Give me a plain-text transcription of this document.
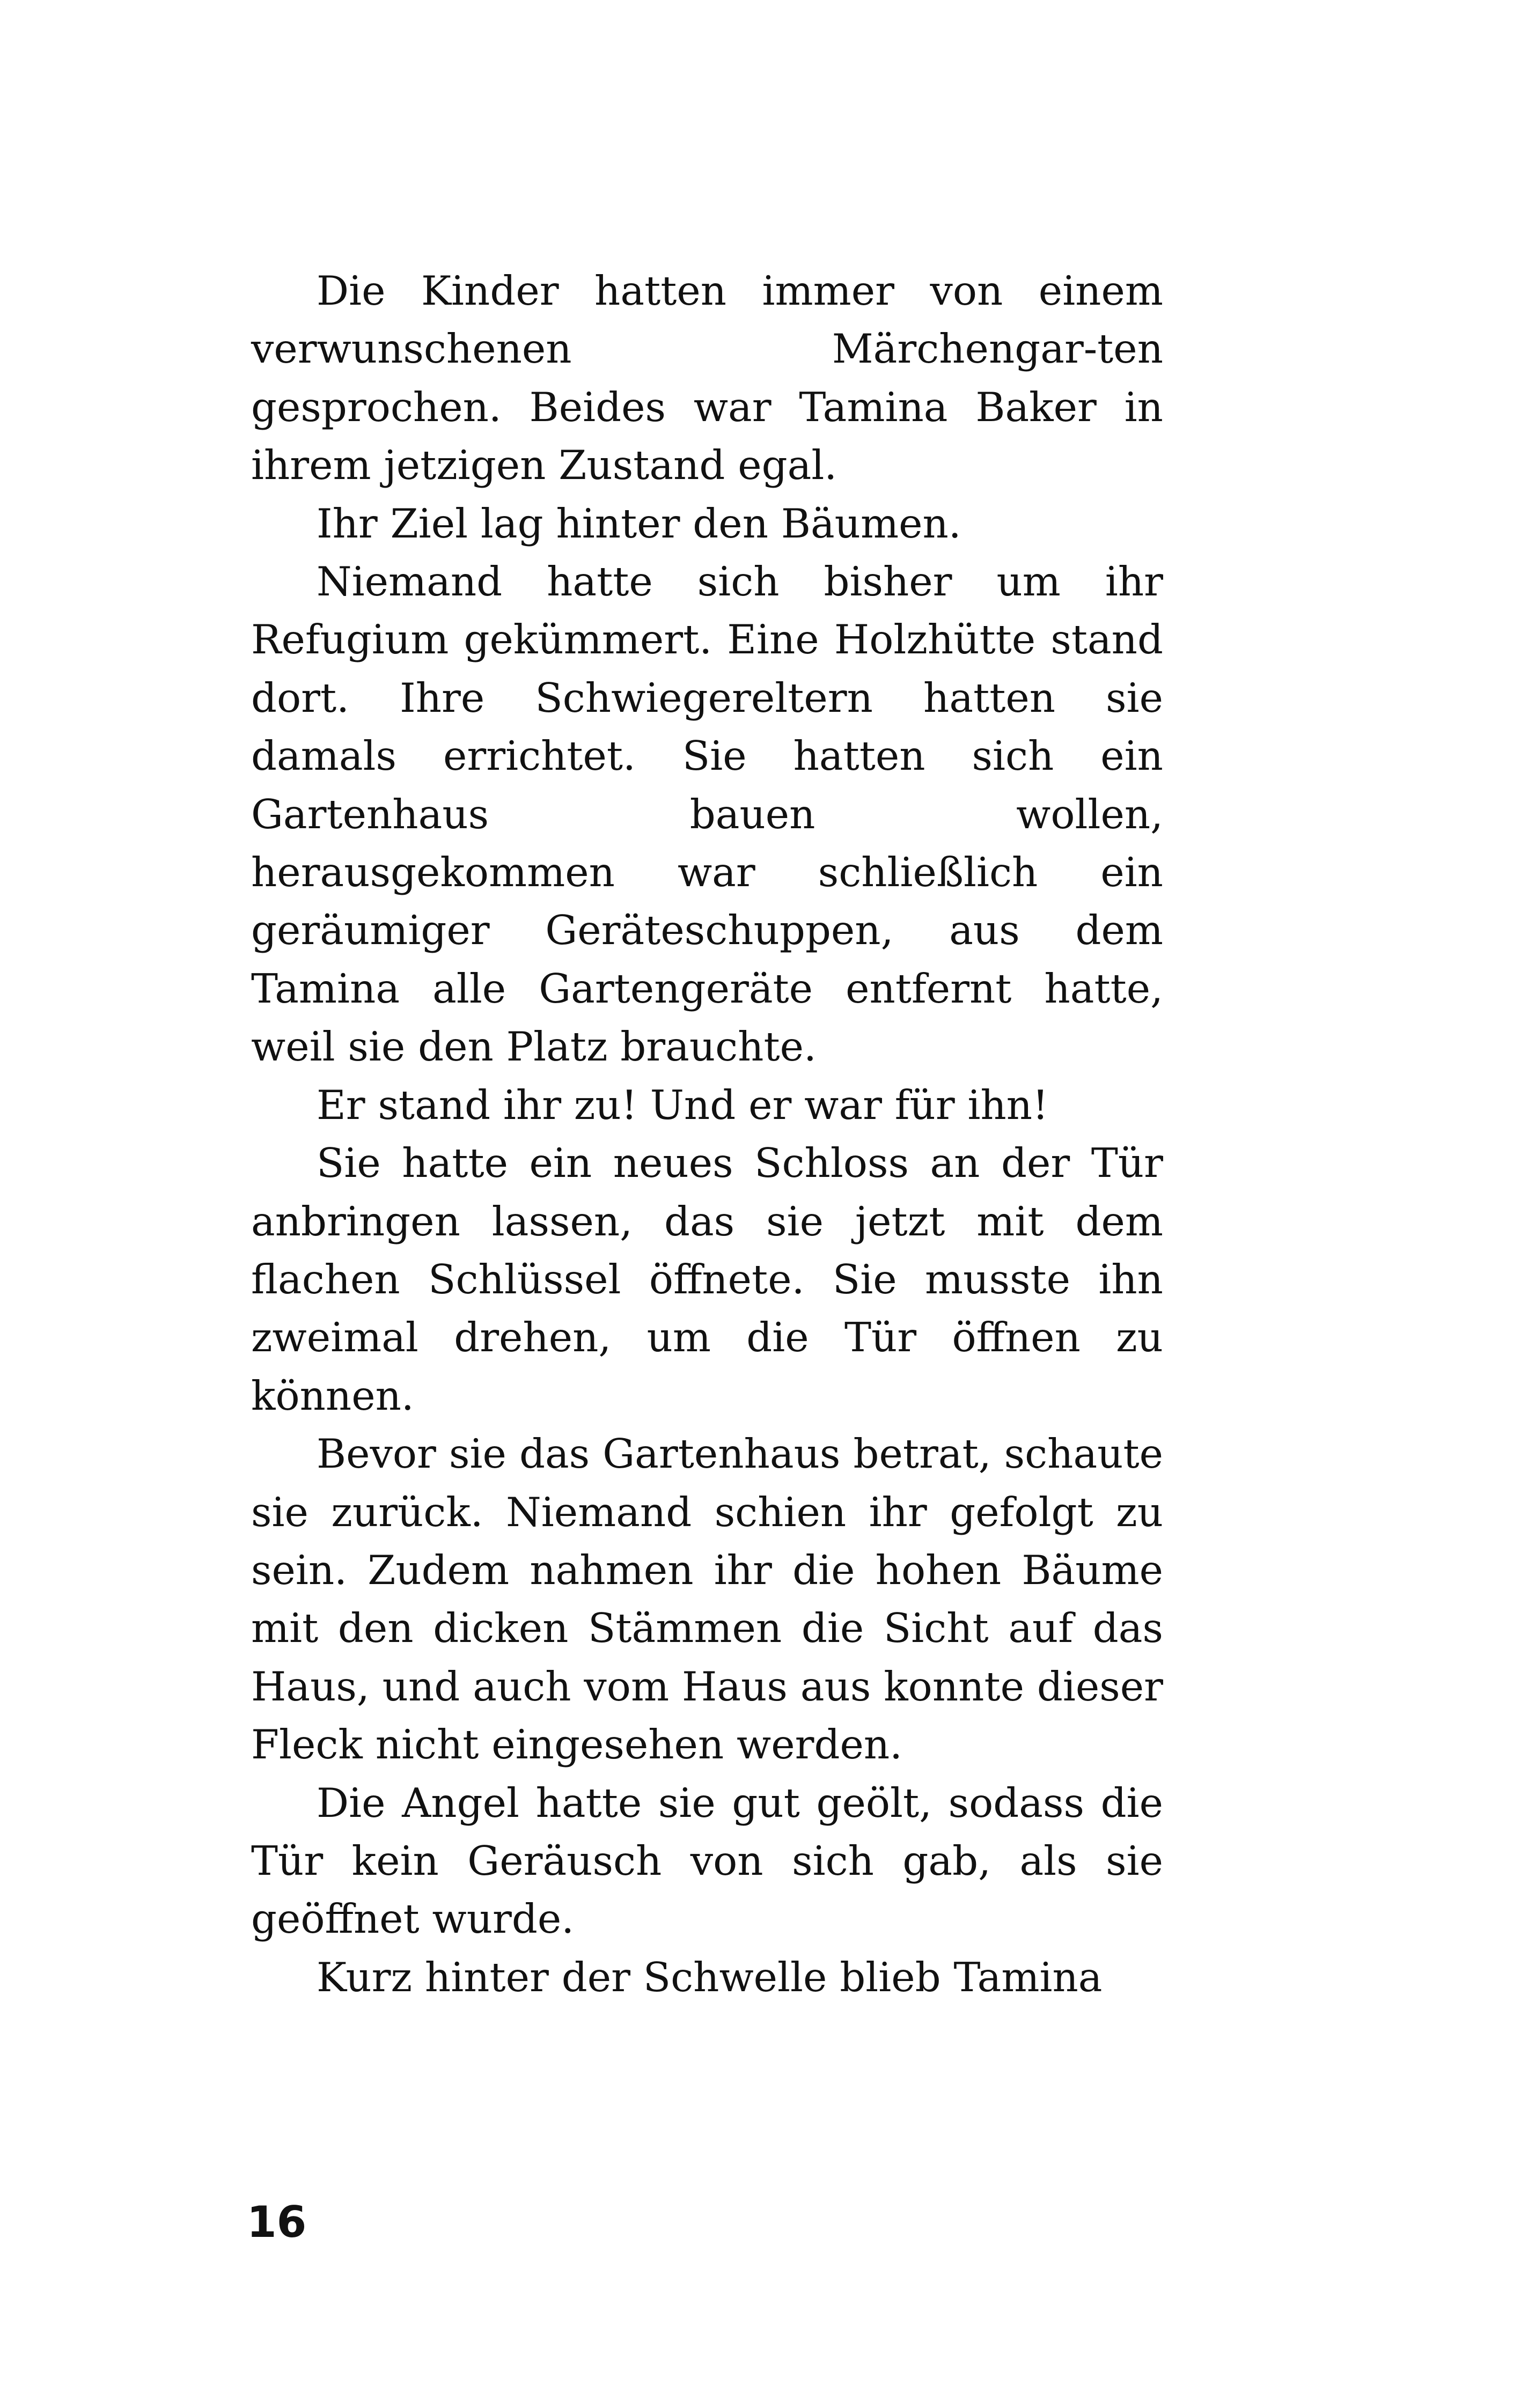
Die Kinder hatten immer von einem verwunschenen Märchengar-ten gesprochen. Beides war Tamina Baker in ihrem jetzigen Zustand egal.

Ihr Ziel lag hinter den Bäumen.

Niemand hatte sich bisher um ihr Refugium gekümmert. Eine Holzhütte stand dort. Ihre Schwiegereltern hatten sie damals errichtet. Sie hatten sich ein Gartenhaus bauen wollen, herausgekommen war schließlich ein geräumiger Geräteschuppen, aus dem Tamina alle Gartengeräte entfernt hatte, weil sie den Platz brauchte.

Er stand ihr zu! Und er war für ihn!

Sie hatte ein neues Schloss an der Tür anbringen lassen, das sie jetzt mit dem flachen Schlüssel öffnete. Sie musste ihn zweimal drehen, um die Tür öffnen zu können.

Bevor sie das Gartenhaus betrat, schaute sie zurück. Niemand schien ihr gefolgt zu sein. Zudem nahmen ihr die hohen Bäume mit den dicken Stämmen die Sicht auf das Haus, und auch vom Haus aus konnte dieser Fleck nicht eingesehen werden.

Die Angel hatte sie gut geölt, sodass die Tür kein Geräusch von sich gab, als sie geöffnet wurde.

Kurz hinter der Schwelle blieb Tamina

16
